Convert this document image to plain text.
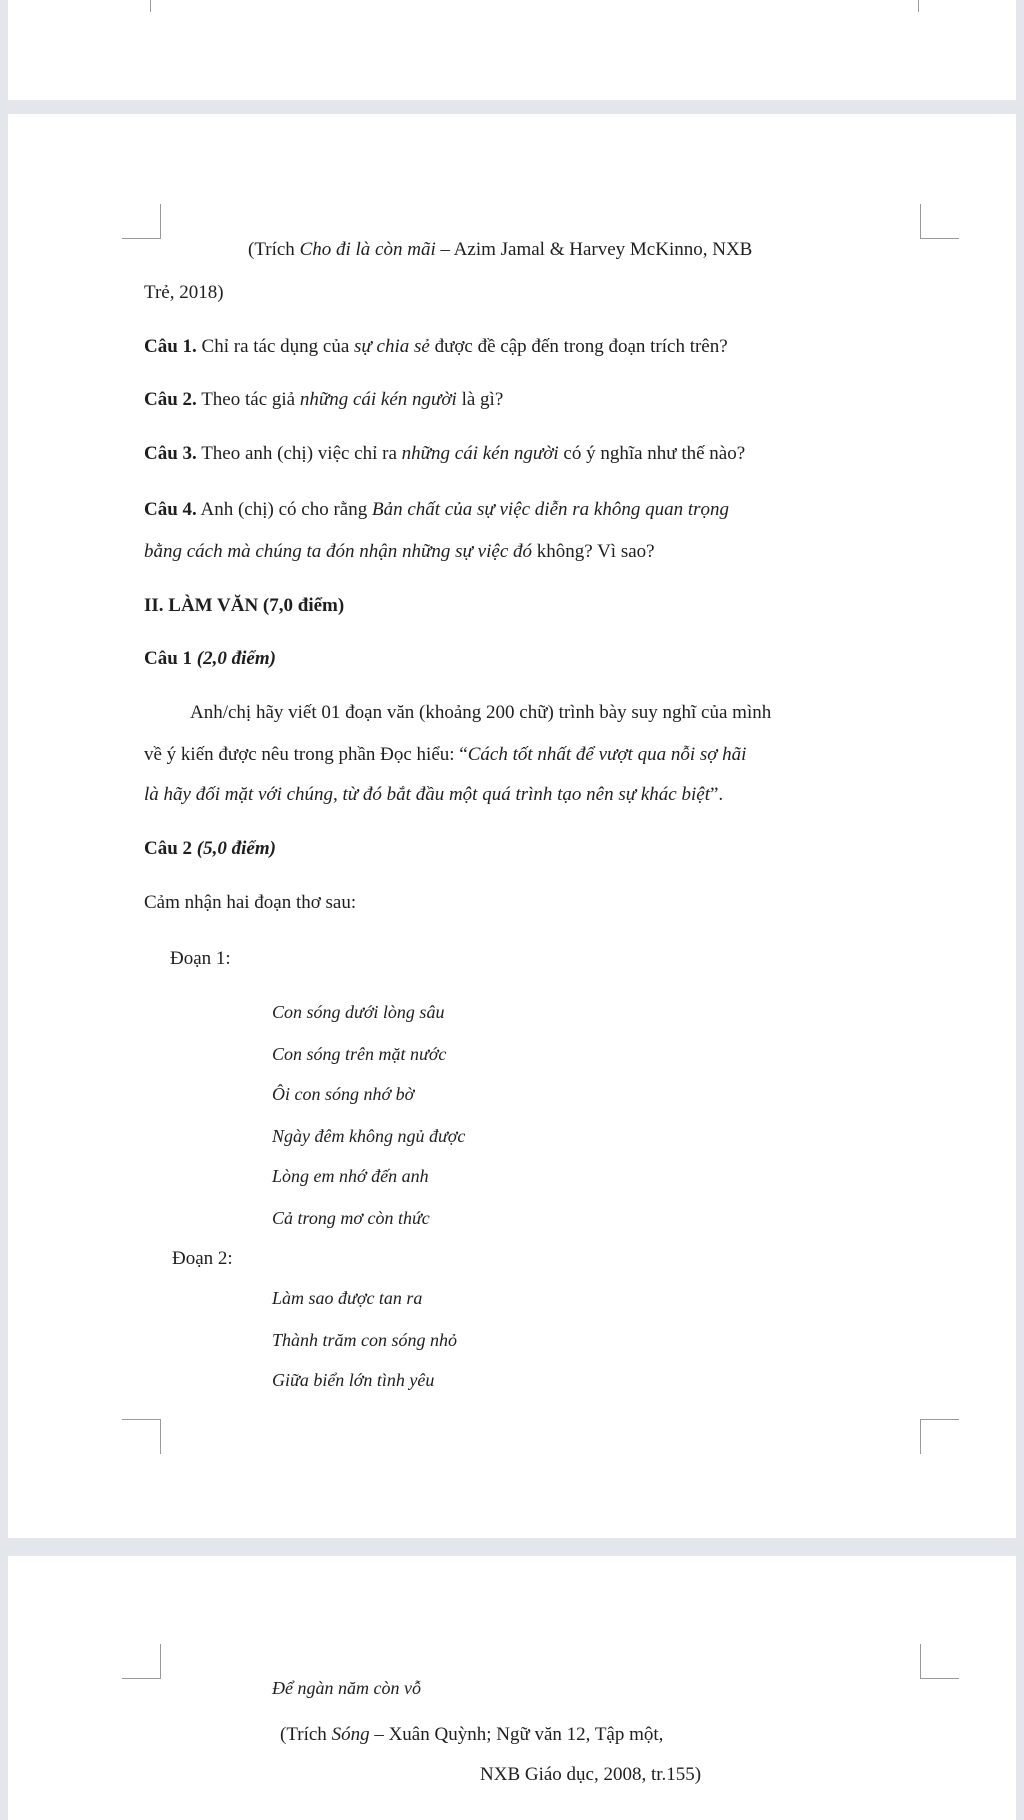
(Trích Cho đi là còn mãi – Azim Jamal & Harvey McKinno, NXB
Trẻ, 2018)
Câu 1. Chỉ ra tác dụng của sự chia sẻ được đề cập đến trong đoạn trích trên?
Câu 2. Theo tác giả những cái kén người là gì?
Câu 3. Theo anh (chị) việc chỉ ra những cái kén người có ý nghĩa như thế nào?
Câu 4. Anh (chị) có cho rằng Bản chất của sự việc diễn ra không quan trọng
bằng cách mà chúng ta đón nhận những sự việc đó không? Vì sao?
II. LÀM VĂN (7,0 điểm)
Câu 1 (2,0 điểm)
Anh/chị hãy viết 01 đoạn văn (khoảng 200 chữ) trình bày suy nghĩ của mình
về ý kiến được nêu trong phần Đọc hiểu: “Cách tốt nhất để vượt qua nỗi sợ hãi
là hãy đối mặt với chúng, từ đó bắt đầu một quá trình tạo nên sự khác biệt”.
Câu 2 (5,0 điểm)
Cảm nhận hai đoạn thơ sau:
Đoạn 1:
Con sóng dưới lòng sâu
Con sóng trên mặt nước
Ôi con sóng nhớ bờ
Ngày đêm không ngủ được
Lòng em nhớ đến anh
Cả trong mơ còn thức
Đoạn 2:
Làm sao được tan ra
Thành trăm con sóng nhỏ
Giữa biển lớn tình yêu
Để ngàn năm còn vỗ
(Trích Sóng – Xuân Quỳnh; Ngữ văn 12, Tập một,
NXB Giáo dục, 2008, tr.155)
